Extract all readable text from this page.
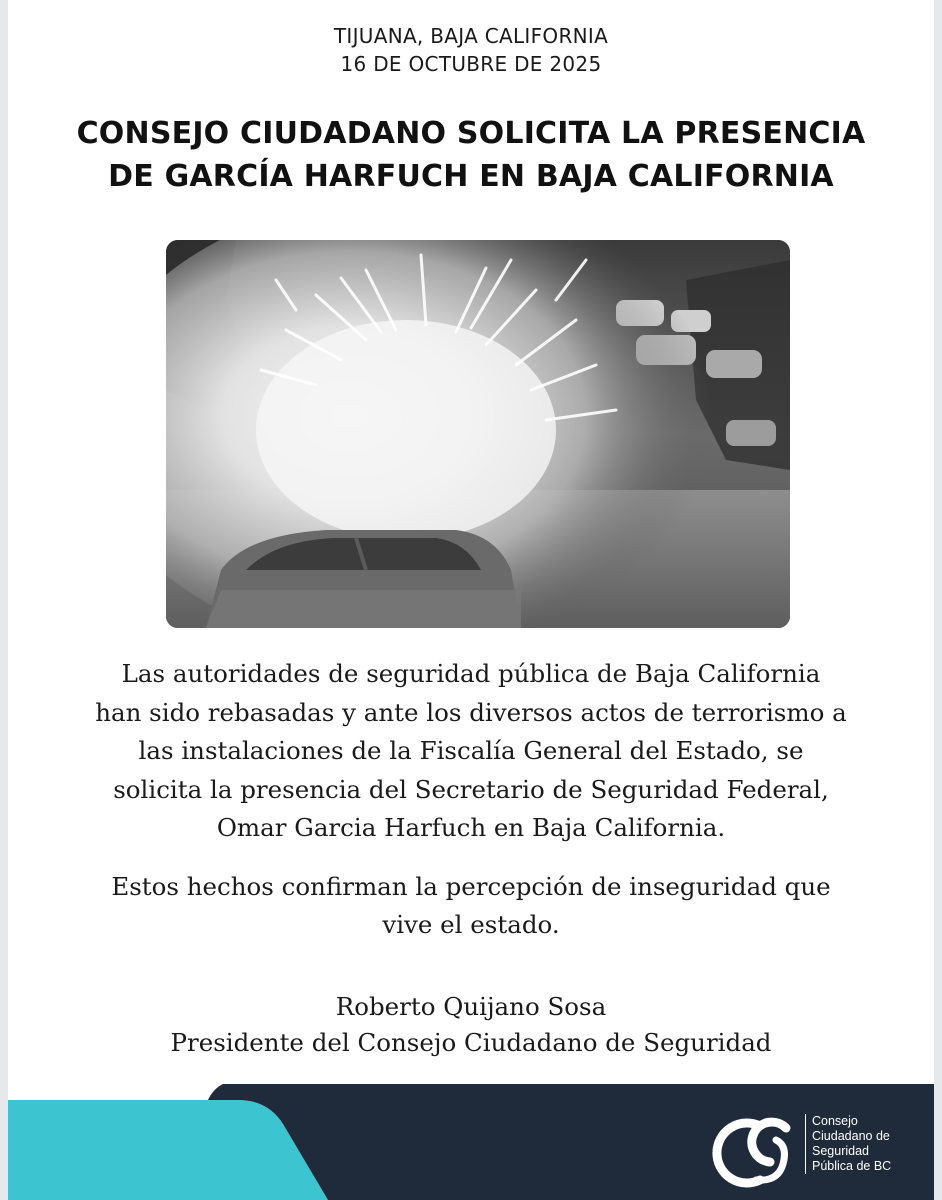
TIJUANA, BAJA CALIFORNIA
16 DE OCTUBRE DE 2025
CONSEJO CIUDADANO SOLICITA LA PRESENCIA
DE GARCÍA HARFUCH EN BAJA CALIFORNIA

Las autoridades de seguridad pública de Baja California
han sido rebasadas y ante los diversos actos de terrorismo a
las instalaciones de la Fiscalía General del Estado, se
solicita la presencia del Secretario de Seguridad Federal,
Omar Garcia Harfuch en Baja California.

Estos hechos confirman la percepción de inseguridad que
vive el estado.

Roberto Quijano Sosa
Presidente del Consejo Ciudadano de Seguridad
Consejo
Ciudadano de
Seguridad
Pública de BC
